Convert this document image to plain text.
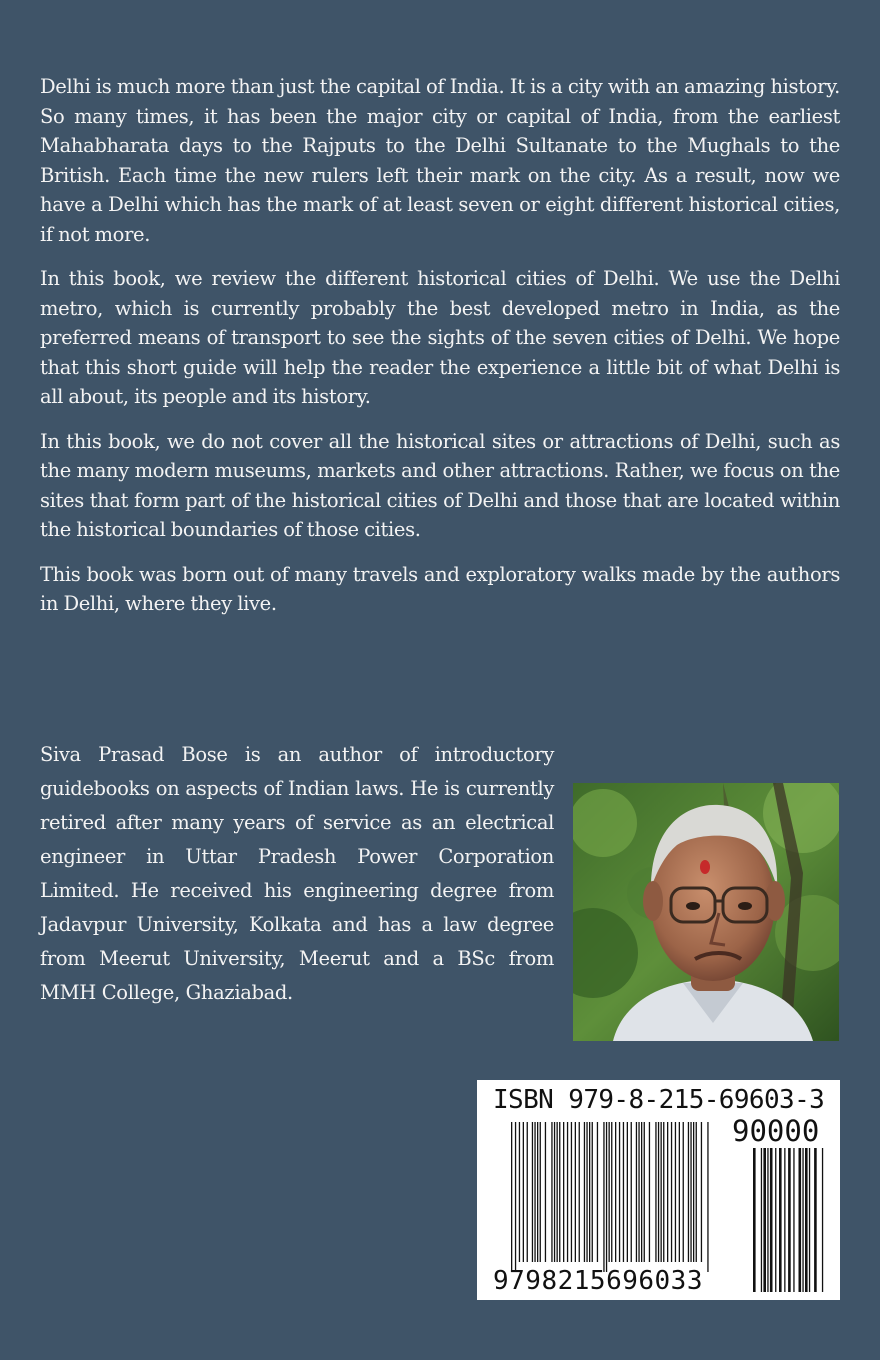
Delhi is much more than just the capital of India. It is a city with an amazing history. So many times, it has been the major city or capital of India, from the earliest Mahabharata days to the Rajputs to the Delhi Sultanate to the Mughals to the British. Each time the new rulers left their mark on the city. As a result, now we have a Delhi which has the mark of at least seven or eight different historical cities, if not more.

In this book, we review the different historical cities of Delhi. We use the Delhi metro, which is currently probably the best developed metro in India, as the preferred means of transport to see the sights of the seven cities of Delhi. We hope that this short guide will help the reader the experience a little bit of what Delhi is all about, its people and its history.

In this book, we do not cover all the historical sites or attractions of Delhi, such as the many modern museums, markets and other attractions. Rather, we focus on the sites that form part of the historical cities of Delhi and those that are located within the historical boundaries of those cities.

This book was born out of many travels and exploratory walks made by the authors in Delhi, where they live.

Siva Prasad Bose is an author of introductory guidebooks on aspects of Indian laws. He is currently retired after many years of service as an electrical engineer in Uttar Pradesh Power Corporation Limited. He received his engineering degree from Jadavpur University, Kolkata and has a law degree from Meerut University, Meerut and a BSc from MMH College, Ghaziabad.

ISBN 979-8-215-69603-3

90000

9798215696033
